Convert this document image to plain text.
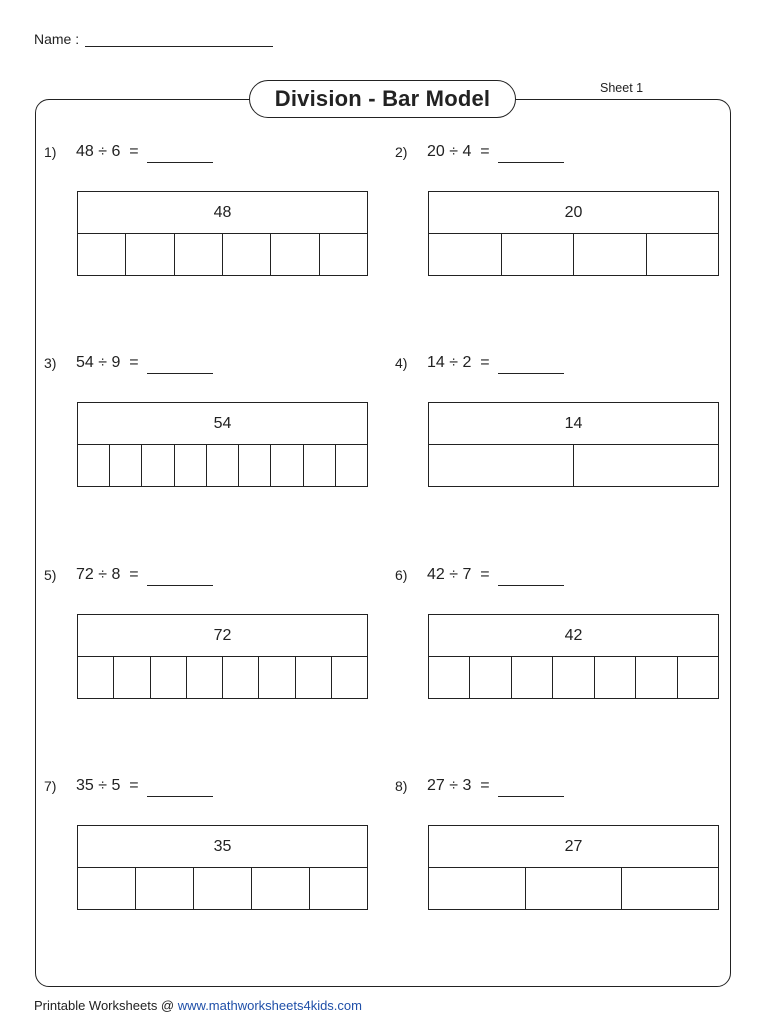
Name :
Sheet 1
Division - Bar Model
1)	48 ÷ 6  =
48
2)	20 ÷ 4  =
20
3)	54 ÷ 9  =
54
4)	14 ÷ 2  =
14
5)	72 ÷ 8  =
72
6)	42 ÷ 7  =
42
7)	35 ÷ 5  =
35
8)	27 ÷ 3  =
27
Printable Worksheets @ www.mathworksheets4kids.com
